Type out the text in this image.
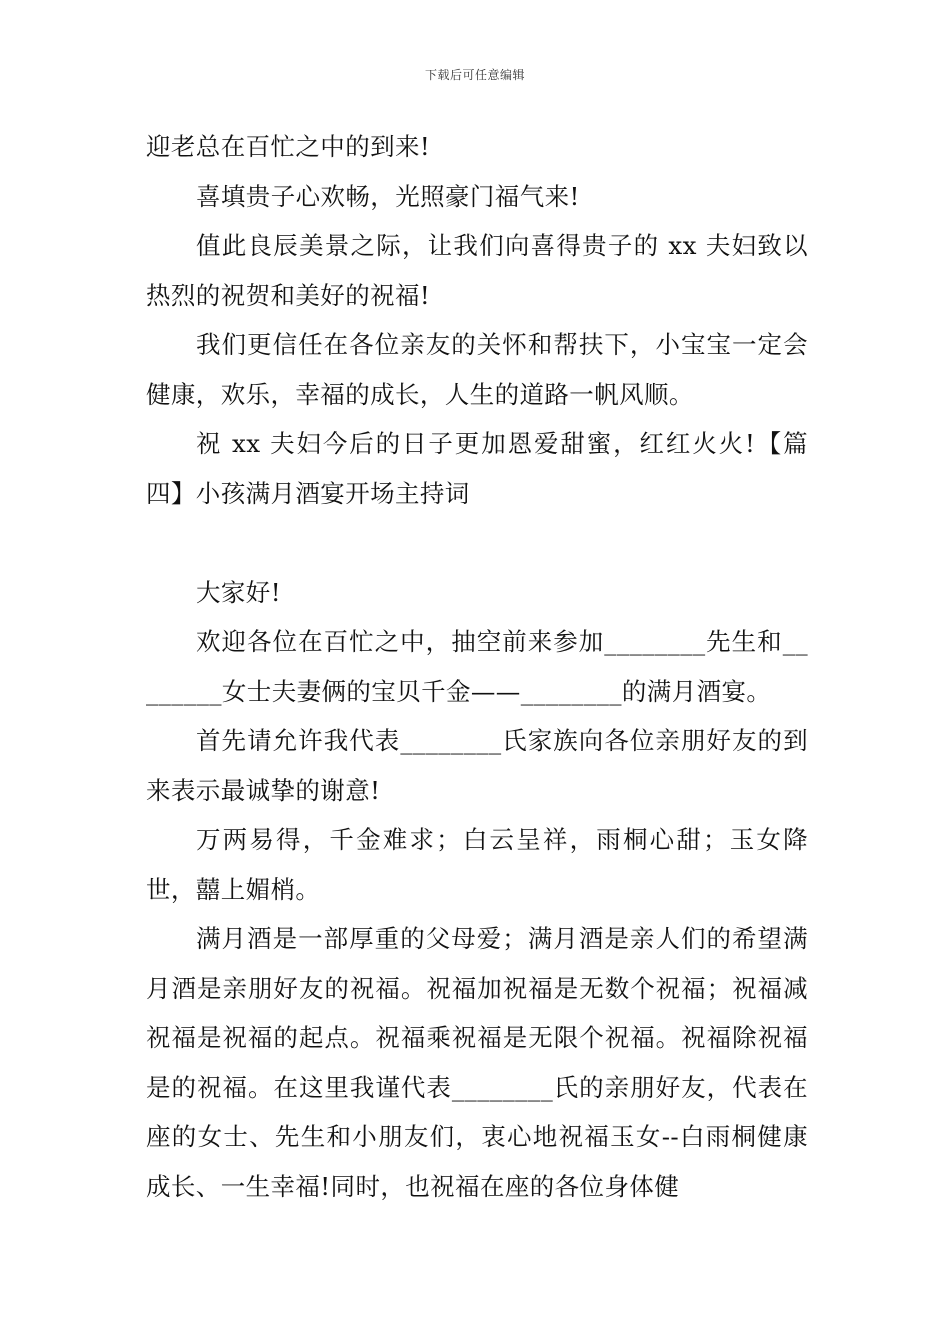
下载后可任意编辑

迎老总在百忙之中的到来!

喜填贵子心欢畅，光照豪门福气来!

值此良辰美景之际，让我们向喜得贵子的 xx 夫妇致以热烈的祝贺和美好的祝福!

我们更信任在各位亲友的关怀和帮扶下，小宝宝一定会健康，欢乐，幸福的成长，人生的道路一帆风顺。

祝 xx 夫妇今后的日子更加恩爱甜蜜，红红火火!【篇四】小孩满月酒宴开场主持词

大家好!

欢迎各位在百忙之中，抽空前来参加________先生和________女士夫妻俩的宝贝千金——________的满月酒宴。

首先请允许我代表________氏家族向各位亲朋好友的到来表示最诚挚的谢意!

万两易得，千金难求；白云呈祥，雨桐心甜；玉女降世，囍上媚梢。

满月酒是一部厚重的父母爱；满月酒是亲人们的希望满月酒是亲朋好友的祝福。祝福加祝福是无数个祝福；祝福减祝福是祝福的起点。祝福乘祝福是无限个祝福。祝福除祝福是的祝福。在这里我谨代表________氏的亲朋好友，代表在座的女士、先生和小朋友们，衷心地祝福玉女--白雨桐健康成长、一生幸福!同时，也祝福在座的各位身体健
